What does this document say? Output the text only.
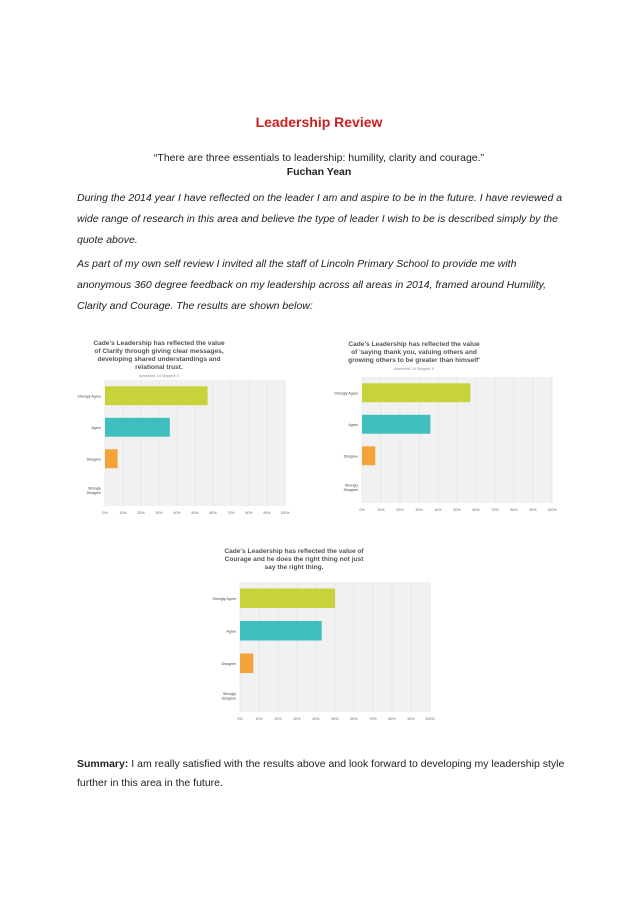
Leadership Review
“There are three essentials to leadership: humility, clarity and courage.”
Fuchan Yean

During the 2014 year I have reflected on the leader I am and aspire to be in the future. I have reviewed a wide range of research in this area and believe the type of leader I wish to be is described simply by the quote above.

As part of my own self review I invited all the staff of Lincoln Primary School to provide me with anonymous 360 degree feedback on my leadership across all areas in 2014, framed around Humility, Clarity and Courage. The results are shown below:

Cade's Leadership has reflected the value
of Clarity through giving clear messages,
developing shared understandings and
relational trust.
Answered: 14 Skipped: 0
0%	10%	20%	30%	40%	50%	60%	70%	80%	90%	100%
Strongly Agree
Agree
Disagree
Strongly
Disagree
Cade's Leadership has reflected the value
of 'saying thank you, valuing others and
growing others to be greater than himself'
Answered: 14 Skipped: 0
0%	10%	20%	30%	40%	50%	60%	70%	80%	90%	100%
Strongly Agree
Agree
Disagree
Strongly
Disagree
Cade's Leadership has reflected the value of
Courage and he does the right thing not just
say the right thing.
0%	10%	20%	30%	40%	50%	60%	70%	80%	90%	100%
Strongly Agree
Agree
Disagree
Strongly
Disagree

Summary: I am really satisfied with the results above and look forward to developing my leadership style further in this area in the future.
